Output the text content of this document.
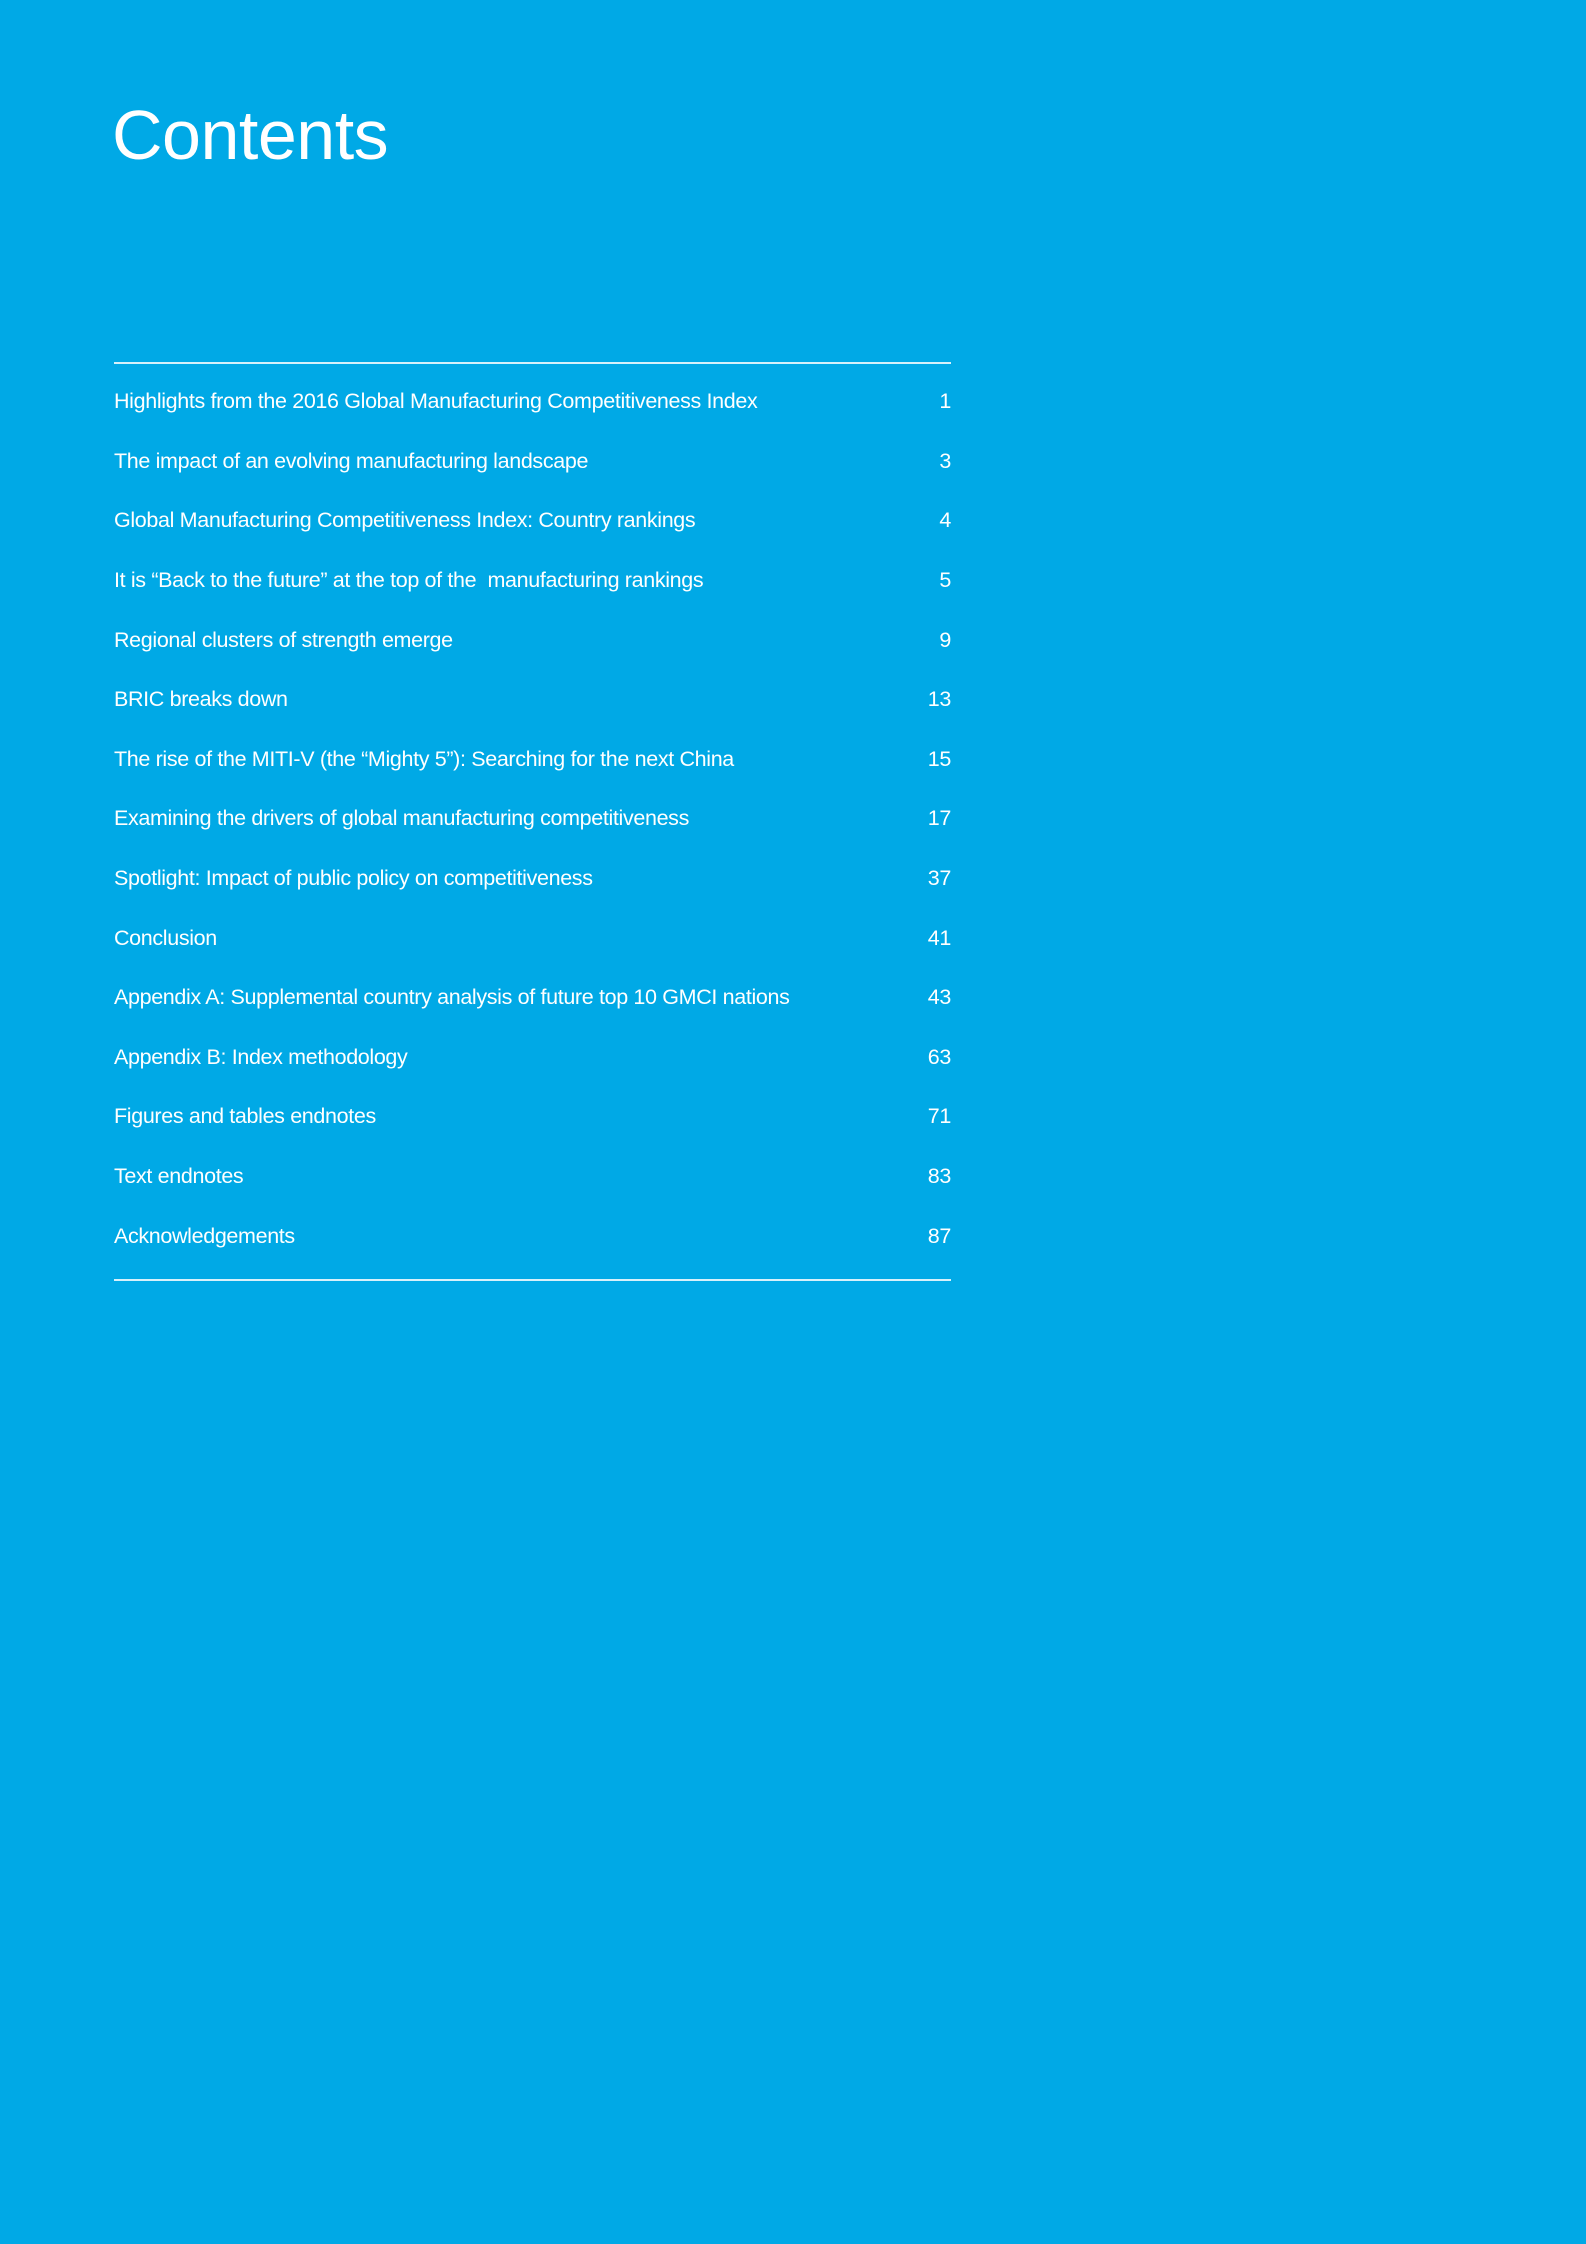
Contents
Highlights from the 2016 Global Manufacturing Competitiveness Index	1
The impact of an evolving manufacturing landscape	3
Global Manufacturing Competitiveness Index: Country rankings	4
It is “Back to the future” at the top of the  manufacturing rankings	5
Regional clusters of strength emerge	9
BRIC breaks down	13
The rise of the MITI-V (the “Mighty 5”): Searching for the next China	15
Examining the drivers of global manufacturing competitiveness	17
Spotlight: Impact of public policy on competitiveness	37
Conclusion	41
Appendix A: Supplemental country analysis of future top 10 GMCI nations	43
Appendix B: Index methodology	63
Figures and tables endnotes	71
Text endnotes	83
Acknowledgements	87
